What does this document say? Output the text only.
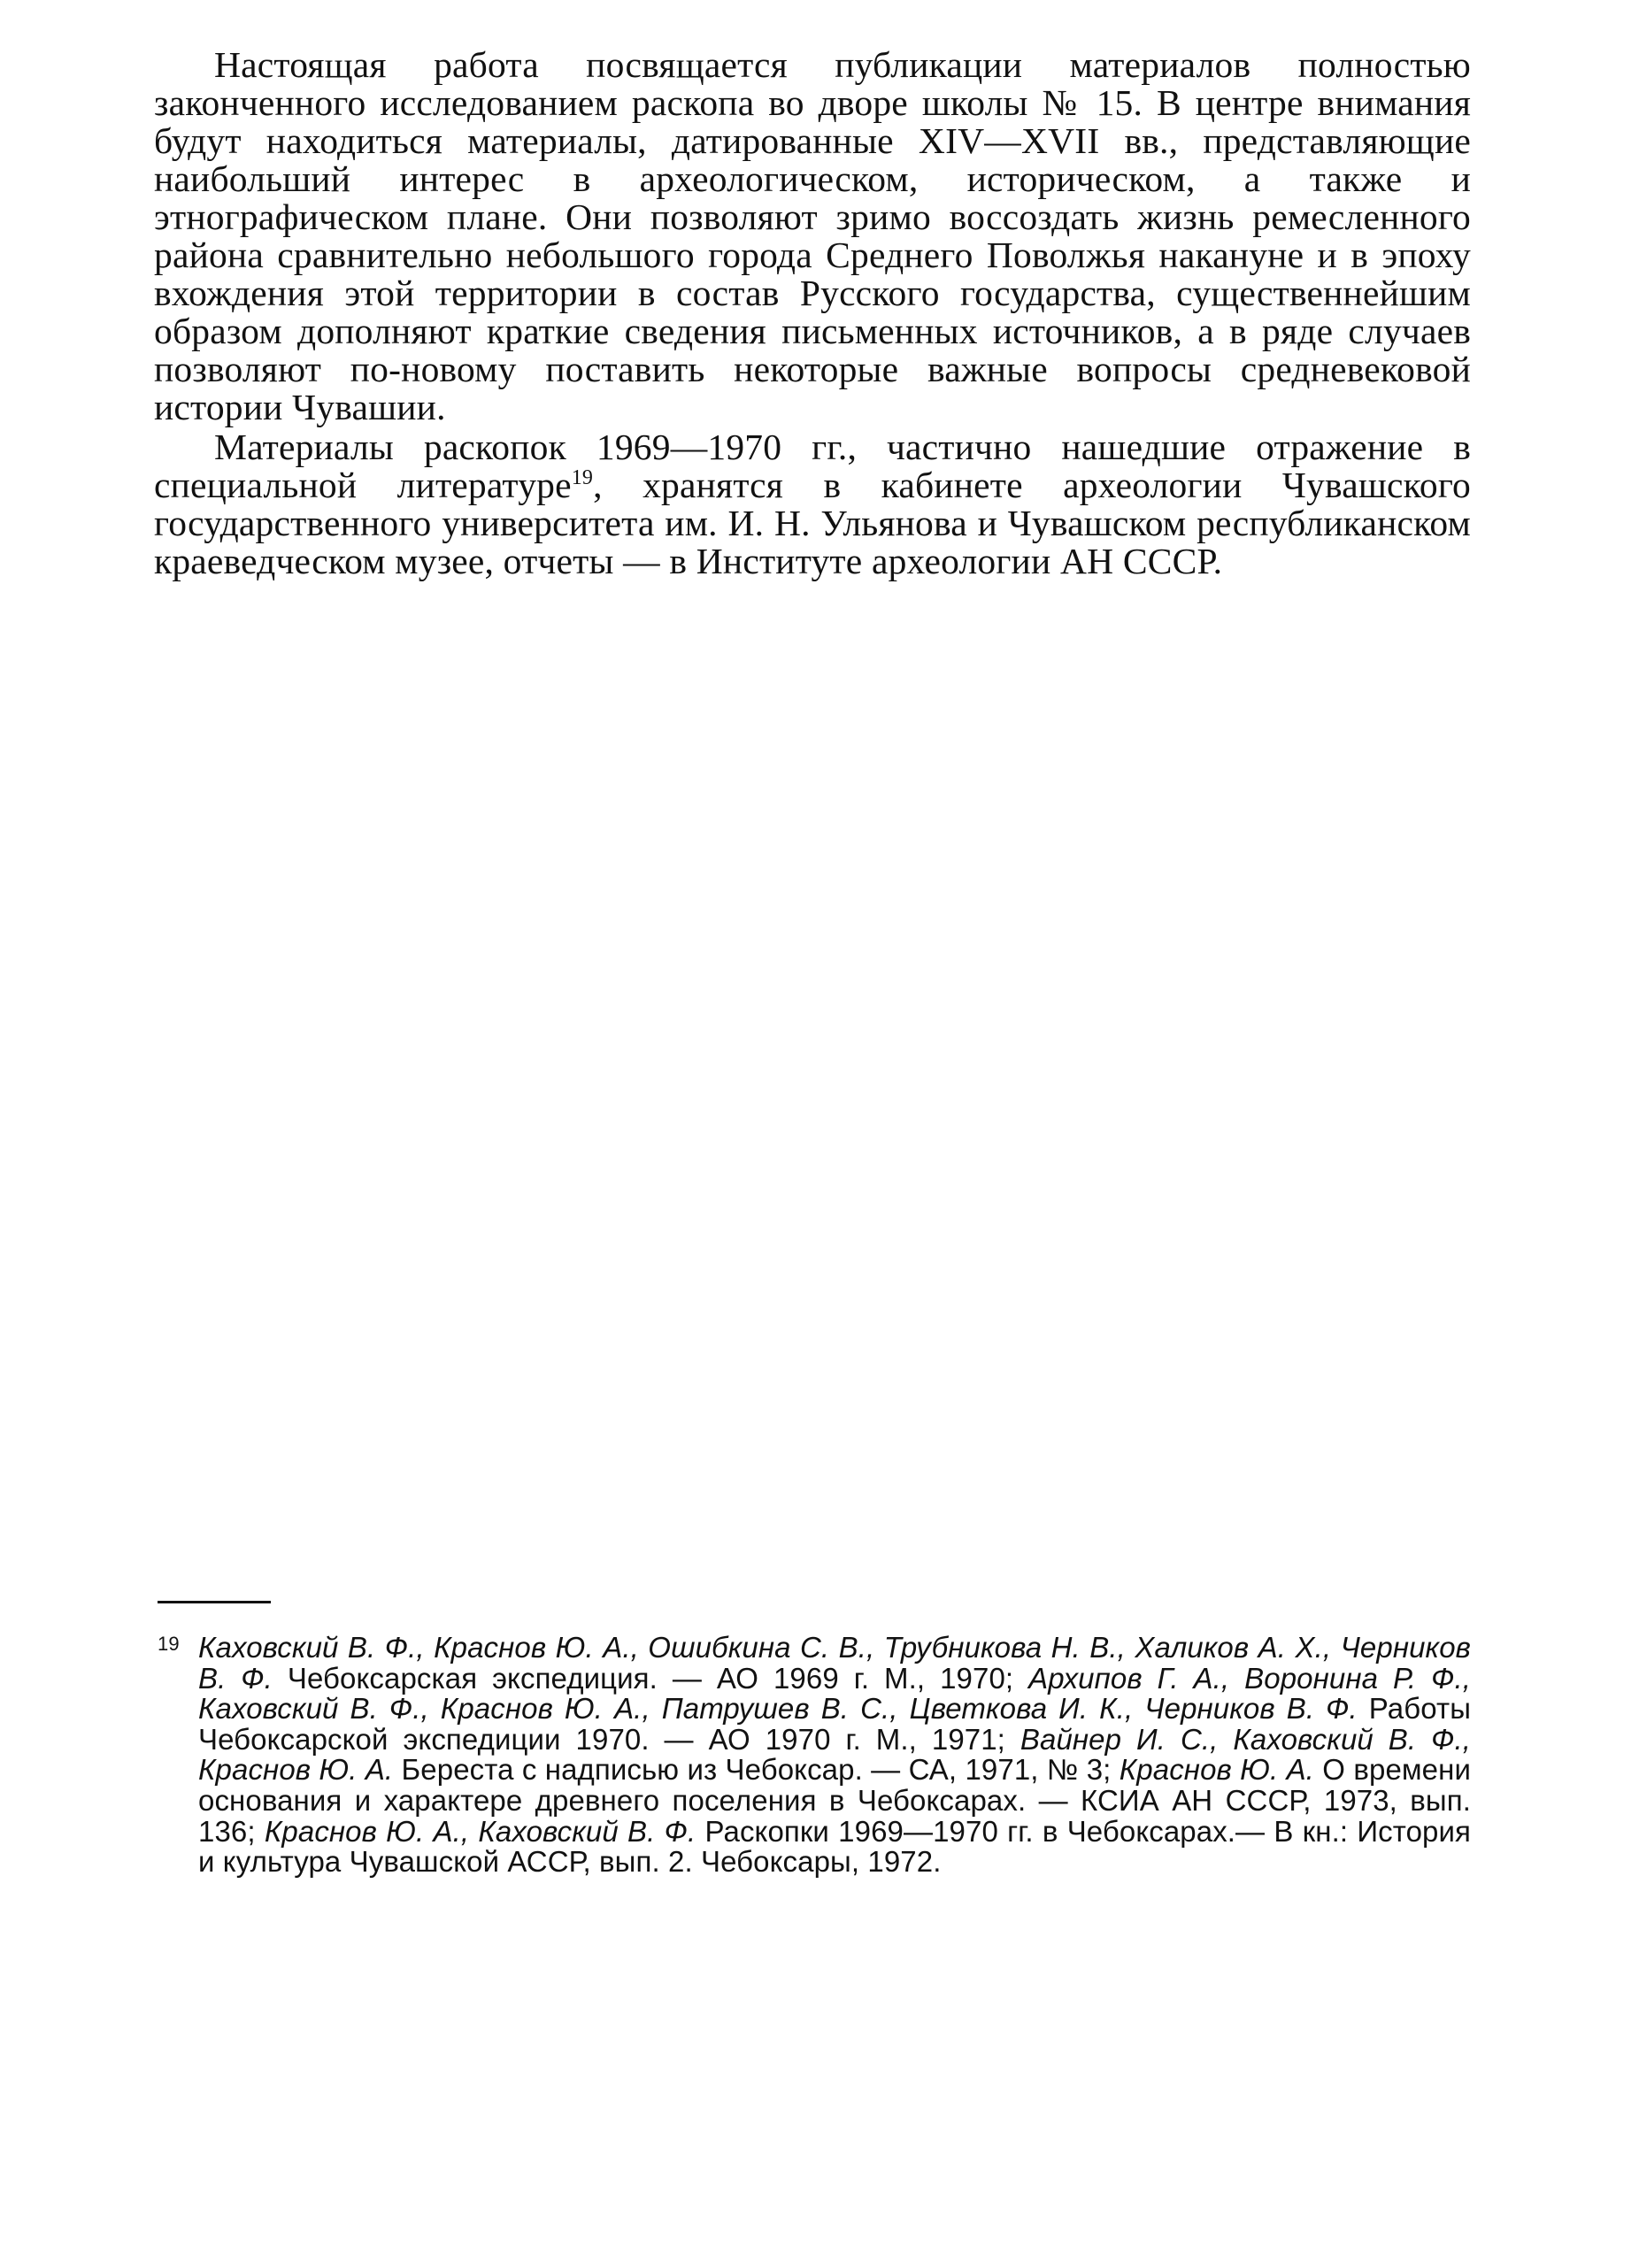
Настоящая работа посвящается публикации материалов полностью законченного исследованием раскопа во дворе школы № 15. В центре внимания будут находиться материалы, датированные XIV—XVII вв., представляющие наибольший интерес в археологическом, историческом, а также и этнографическом плане. Они позволяют зримо воссоздать жизнь ремесленного района сравнительно небольшого города Среднего Поволжья накануне и в эпоху вхождения этой территории в состав Русского государства, существеннейшим образом дополняют краткие сведения письменных источников, а в ряде случаев позволяют по-новому поставить некоторые важные вопросы средневековой истории Чувашии.

Материалы раскопок 1969—1970 гг., частично нашедшие отражение в специальной литературе$^{19}$, хранятся в кабинете археологии Чувашского государственного университета им. И. Н. Ульянова и Чувашском республиканском краеведческом музее, отчеты — в Институте археологии АН СССР.

19 Каховский В. Ф., Краснов Ю. А., Ошибкина С. В., Трубникова Н. В., Халиков А. Х., Черников В. Ф. Чебоксарская экспедиция. — АО 1969 г. М., 1970; Архипов Г. А., Воронина Р. Ф., Каховский В. Ф., Краснов Ю. А., Патрушев В. С., Цветкова И. К., Черников В. Ф. Работы Чебоксарской экспедиции 1970. — АО 1970 г. М., 1971; Вайнер И. С., Каховский В. Ф., Краснов Ю. А. Береста с надписью из Чебоксар. — СА, 1971, № 3; Краснов Ю. А. О времени основания и характере древнего поселения в Чебоксарах. — КСИА АН СССР, 1973, вып. 136; Краснов Ю. А., Каховский В. Ф. Раскопки 1969—1970 гг. в Чебоксарах.— В кн.: История и культура Чувашской АССР, вып. 2. Чебоксары, 1972.
